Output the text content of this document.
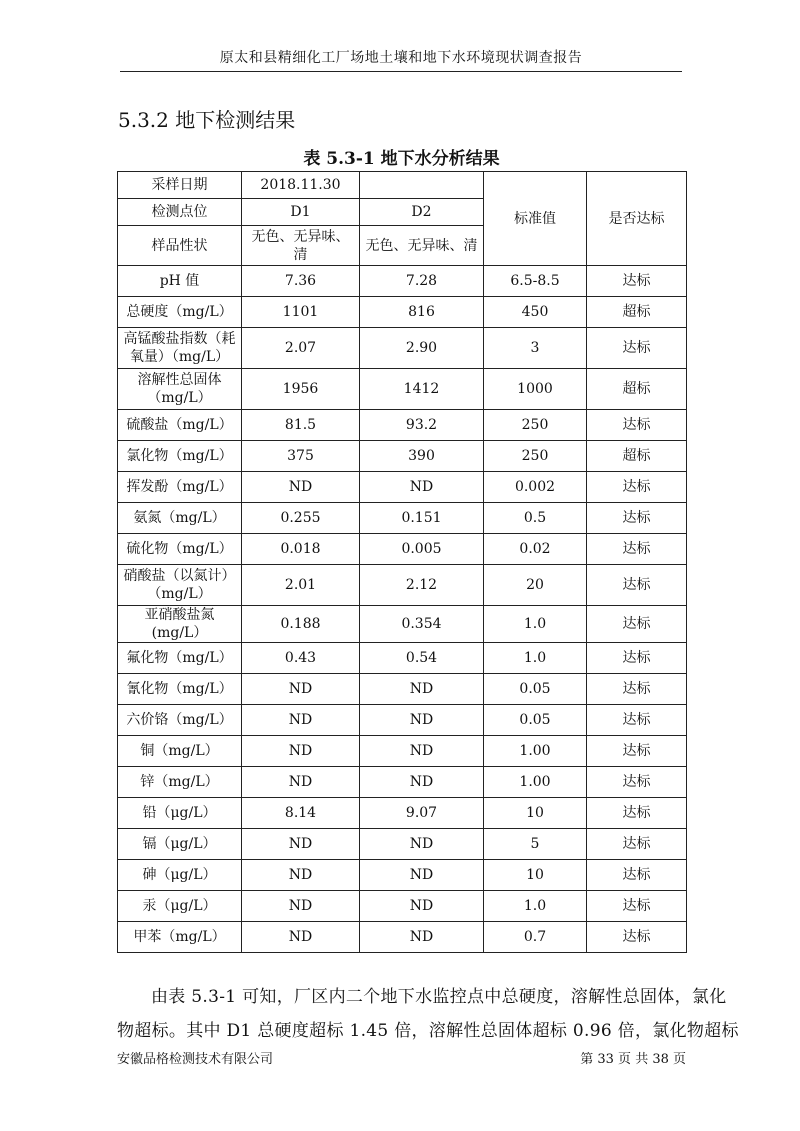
原太和县精细化工厂场地土壤和地下水环境现状调查报告
5.3.2 地下检测结果
表 5.3-1 地下水分析结果
采样日期	2018.11.30		标准值	是否达标
检测点位	D1	D2		
样品性状	无色、无异味、清	无色、无异味、清		
pH 值	7.36	7.28	6.5-8.5	达标
总硬度（mg/L）	1101	816	450	超标
高锰酸盐指数（耗氧量）（mg/L）	2.07	2.90	3	达标
溶解性总固体（mg/L）	1956	1412	1000	超标
硫酸盐（mg/L）	81.5	93.2	250	达标
氯化物（mg/L）	375	390	250	超标
挥发酚（mg/L）	ND	ND	0.002	达标
氨氮（mg/L）	0.255	0.151	0.5	达标
硫化物（mg/L）	0.018	0.005	0.02	达标
硝酸盐（以氮计）（mg/L）	2.01	2.12	20	达标
亚硝酸盐氮(mg/L）	0.188	0.354	1.0	达标
氟化物（mg/L）	0.43	0.54	1.0	达标
氰化物（mg/L）	ND	ND	0.05	达标
六价铬（mg/L）	ND	ND	0.05	达标
铜（mg/L）	ND	ND	1.00	达标
锌（mg/L）	ND	ND	1.00	达标
铅（μg/L）	8.14	9.07	10	达标
镉（μg/L）	ND	ND	5	达标
砷（μg/L）	ND	ND	10	达标
汞（μg/L）	ND	ND	1.0	达标
甲苯（mg/L）	ND	ND	0.7	达标
由表 5.3-1 可知，厂区内二个地下水监控点中总硬度，溶解性总固体，氯化
物超标。其中 D1 总硬度超标 1.45 倍，溶解性总固体超标 0.96 倍，氯化物超标
安徽品格检测技术有限公司	第 33 页 共 38 页
